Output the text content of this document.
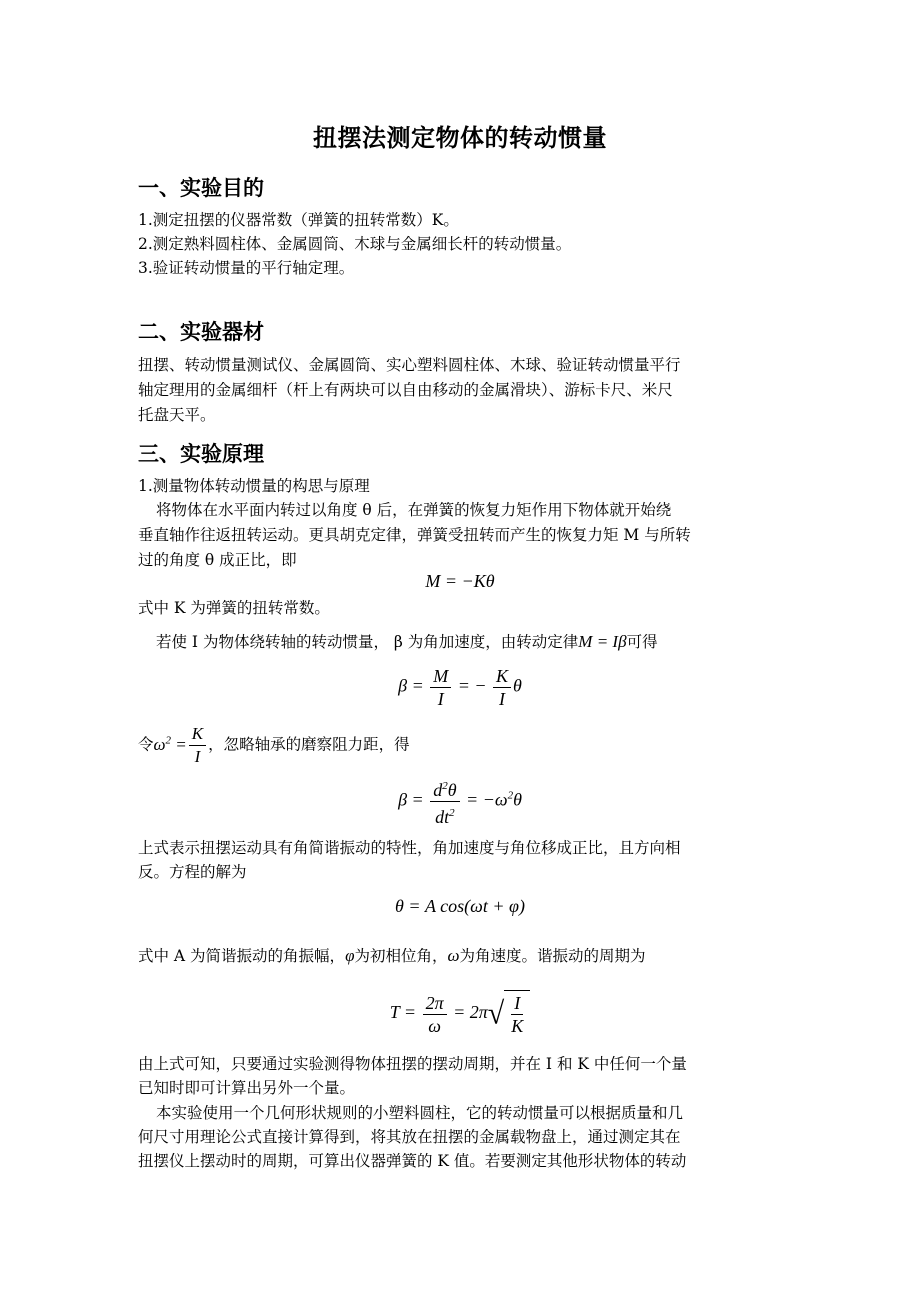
扭摆法测定物体的转动惯量
一、实验目的
1.测定扭摆的仪器常数（弹簧的扭转常数）K。
2.测定熟料圆柱体、金属圆筒、木球与金属细长杆的转动惯量。
3.验证转动惯量的平行轴定理。
二、实验器材
扭摆、转动惯量测试仪、金属圆筒、实心塑料圆柱体、木球、验证转动惯量平行
轴定理用的金属细杆（杆上有两块可以自由移动的金属滑块）、游标卡尺、米尺
托盘天平。
三、实验原理
1.测量物体转动惯量的构思与原理
将物体在水平面内转过以角度 θ 后，在弹簧的恢复力矩作用下物体就开始绕
垂直轴作往返扭转运动。更具胡克定律，弹簧受扭转而产生的恢复力矩 M 与所转
过的角度 θ 成正比，即
M = −Kθ
式中 K 为弹簧的扭转常数。
若使 I 为物体绕转轴的转动惯量， β 为角加速度，由转动定律M = Iβ可得
$\beta = \frac{M}{I}$ = − $\frac{K}{I}$ θ
令$\omega^2 = \frac{K}{I}$ ，忽略轴承的磨察阻力距，得
$\beta = \frac{d^2\theta}{dt^2} = -\omega^2\theta$
上式表示扭摆运动具有角简谐振动的特性，角加速度与角位移成正比，且方向相
反。方程的解为
θ = A cos(ωt + φ)
式中 A 为简谐振动的角振幅，φ为初相位角，ω为角速度。谐振动的周期为
$T = \frac{2\pi}{\omega} = 2\pi$ √ $\frac{I}{K}$
由上式可知，只要通过实验测得物体扭摆的摆动周期，并在 I 和 K 中任何一个量
已知时即可计算出另外一个量。
本实验使用一个几何形状规则的小塑料圆柱，它的转动惯量可以根据质量和几
何尺寸用理论公式直接计算得到，将其放在扭摆的金属载物盘上，通过测定其在
扭摆仪上摆动时的周期，可算出仪器弹簧的 K 值。若要测定其他形状物体的转动
